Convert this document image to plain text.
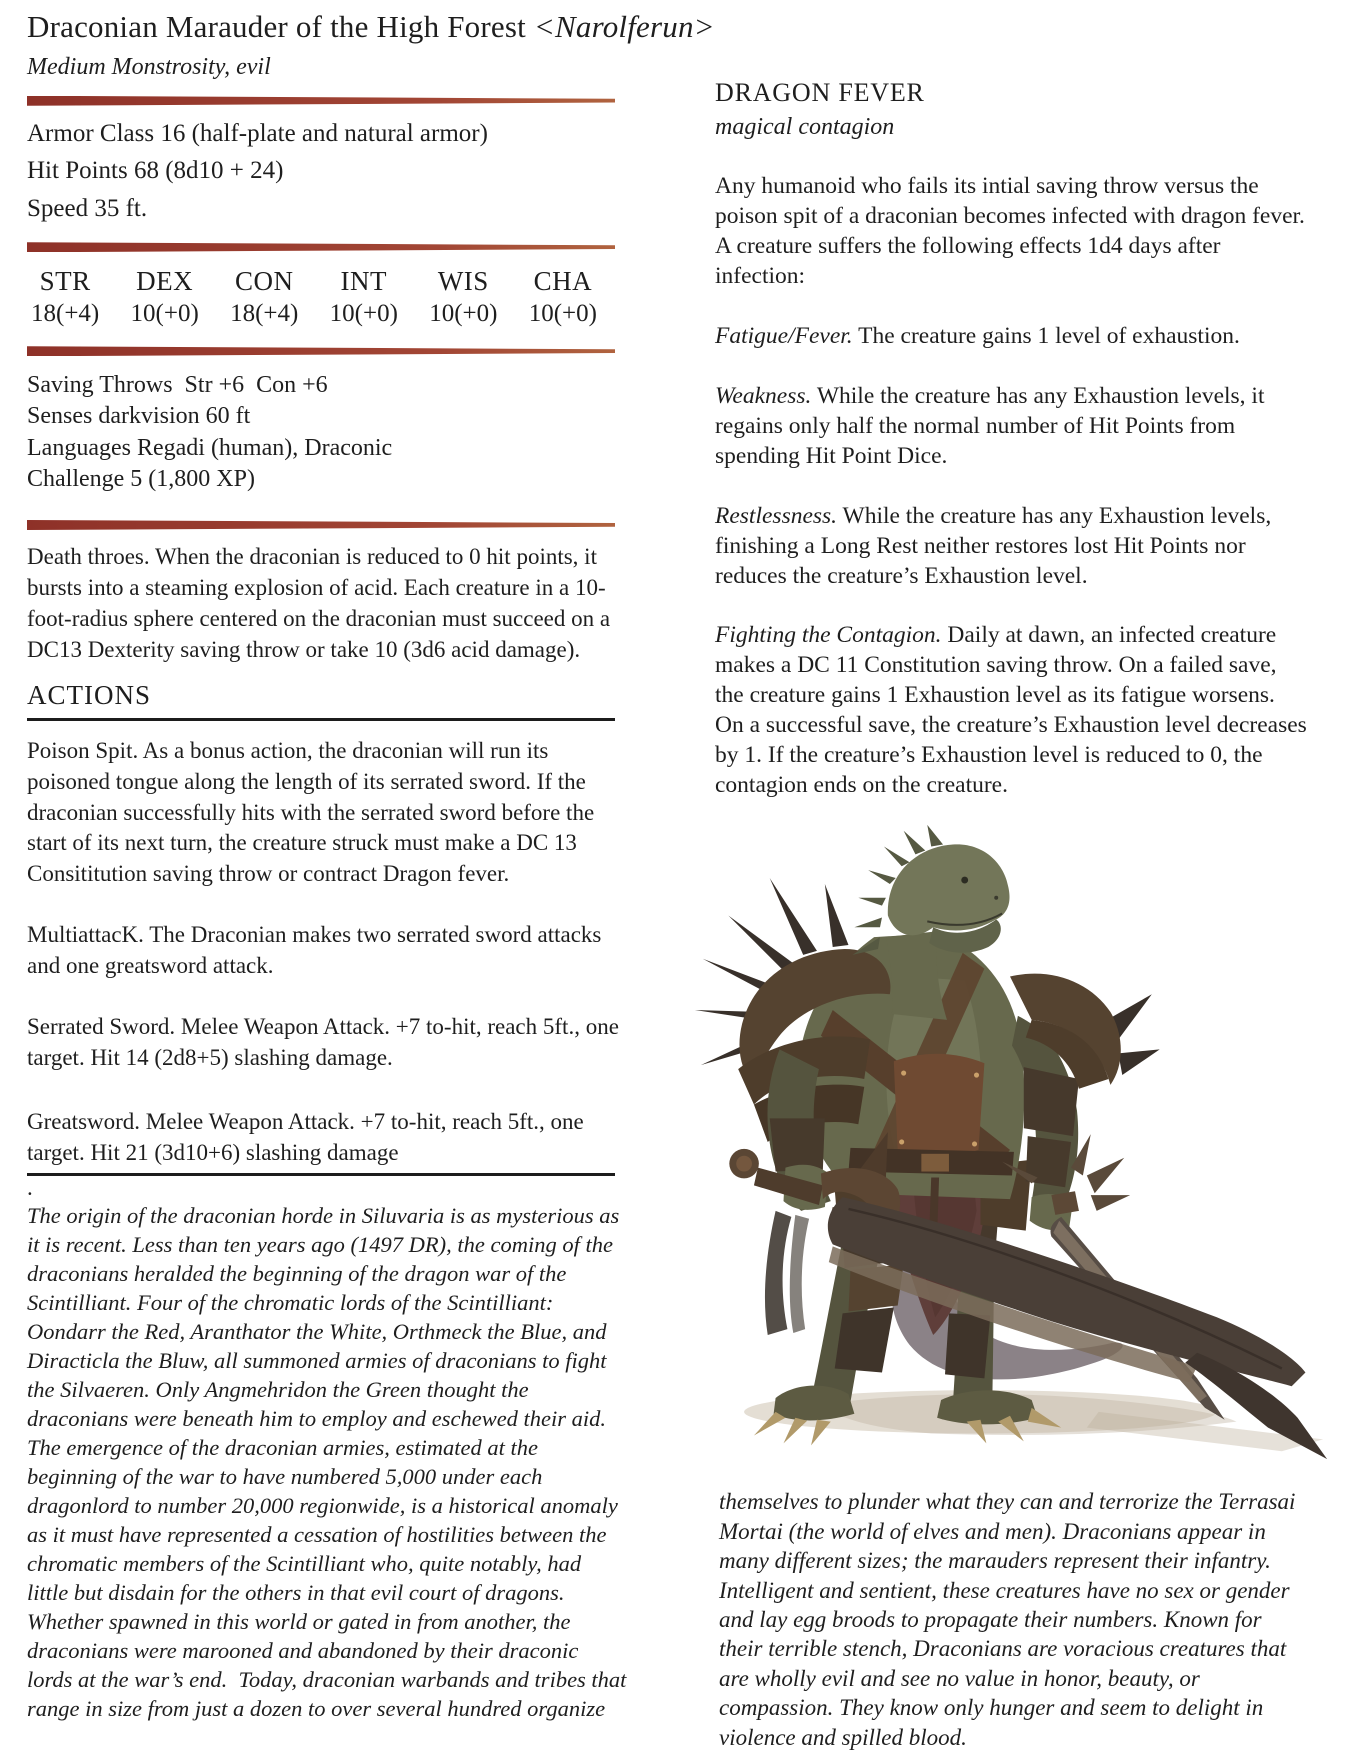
Draconian Marauder of the High Forest <Narolferun>
Medium Monstrosity, evil
Armor Class 16 (half-plate and natural armor)
Hit Points 68 (8d10 + 24)
Speed 35 ft.
STR
18(+4)
DEX
10(+0)
CON
18(+4)
INT
10(+0)
WIS
10(+0)
CHA
10(+0)
Saving Throws  Str +6  Con +6
Senses darkvision 60 ft
Languages Regadi (human), Draconic
Challenge 5 (1,800 XP)
Death throes. When the draconian is reduced to 0 hit points, it bursts into a steaming explosion of acid. Each creature in a 10-foot-radius sphere centered on the draconian must succeed on a DC13 Dexterity saving throw or take 10 (3d6 acid damage).
ACTIONS
Poison Spit. As a bonus action, the draconian will run its poisoned tongue along the length of its serrated sword. If the draconian successfully hits with the serrated sword before the start of its next turn, the creature struck must make a DC 13 Consititution saving throw or contract Dragon fever.
MultiattacK. The Draconian makes two serrated sword attacks and one greatsword attack.
Serrated Sword. Melee Weapon Attack. +7 to-hit, reach 5ft., one target. Hit 14 (2d8+5) slashing damage.
Greatsword. Melee Weapon Attack. +7 to-hit, reach 5ft., one target. Hit 21 (3d10+6) slashing damage
.
The origin of the draconian horde in Siluvaria is as mysterious as it is recent. Less than ten years ago (1497 DR), the coming of the draconians heralded the beginning of the dragon war of the Scintilliant. Four of the chromatic lords of the Scintilliant: Oondarr the Red, Aranthator the White, Orthmeck the Blue, and Diracticla the Bluw, all summoned armies of draconians to fight the Silvaeren. Only Angmehridon the Green thought the draconians were beneath him to employ and eschewed their aid. The emergence of the draconian armies, estimated at the beginning of the war to have numbered 5,000 under each dragonlord to number 20,000 regionwide, is a historical anomaly as it must have represented a cessation of hostilities between the chromatic members of the Scintilliant who, quite notably, had little but disdain for the others in that evil court of dragons. Whether spawned in this world or gated in from another, the draconians were marooned and abandoned by their draconic lords at the war’s end.  Today, draconian warbands and tribes that range in size from just a dozen to over several hundred organize
DRAGON FEVER
magical contagion
Any humanoid who fails its intial saving throw versus the poison spit of a draconian becomes infected with dragon fever. A creature suffers the following effects 1d4 days after infection:
Fatigue/Fever. The creature gains 1 level of exhaustion.
Weakness. While the creature has any Exhaustion levels, it regains only half the normal number of Hit Points from spending Hit Point Dice.
Restlessness. While the creature has any Exhaustion levels, finishing a Long Rest neither restores lost Hit Points nor reduces the creature’s Exhaustion level.
Fighting the Contagion. Daily at dawn, an infected creature makes a DC 11 Constitution saving throw. On a failed save, the creature gains 1 Exhaustion level as its fatigue worsens. On a successful save, the creature’s Exhaustion level decreases by 1. If the creature’s Exhaustion level is reduced to 0, the contagion ends on the creature.
themselves to plunder what they can and terrorize the Terrasai Mortai (the world of elves and men). Draconians appear in many different sizes; the marauders represent their infantry. Intelligent and sentient, these creatures have no sex or gender and lay egg broods to propagate their numbers. Known for their terrible stench, Draconians are voracious creatures that are wholly evil and see no value in honor, beauty, or compassion. They know only hunger and seem to delight in violence and spilled blood.
